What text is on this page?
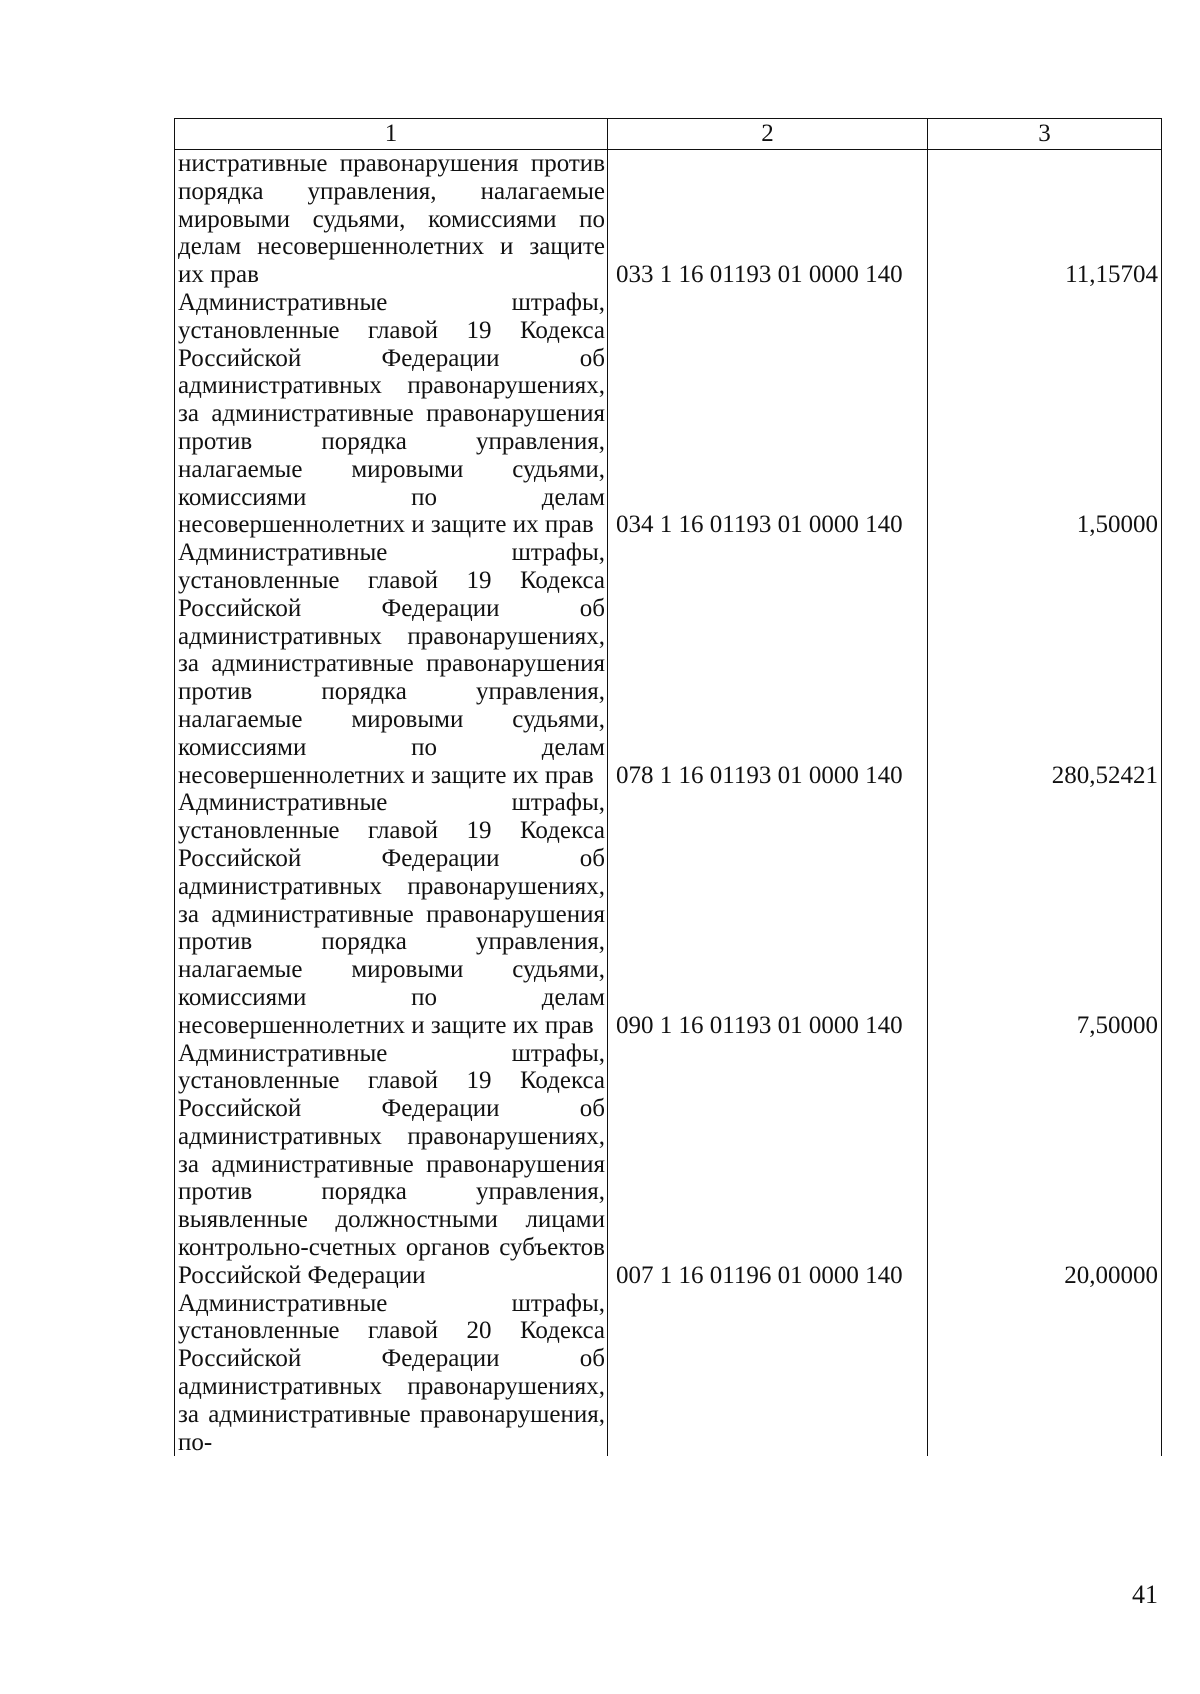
1	2	3

нистративные правонарушения против порядка управления, налагаемые мировыми судьями, комиссиями по делам несовершеннолетних и защите их прав	033 1 16 01193 01 0000 140	11,15704

Административные штрафы, установленные главой 19 Кодекса Российской Федерации об административных правонарушениях, за административные правонарушения против порядка управления, налагаемые мировыми судьями, комиссиями по делам несовершеннолетних и защите их прав	034 1 16 01193 01 0000 140	1,50000

Административные штрафы, установленные главой 19 Кодекса Российской Федерации об административных правонарушениях, за административные правонарушения против порядка управления, налагаемые мировыми судьями, комиссиями по делам несовершеннолетних и защите их прав	078 1 16 01193 01 0000 140	280,52421

Административные штрафы, установленные главой 19 Кодекса Российской Федерации об административных правонарушениях, за административные правонарушения против порядка управления, налагаемые мировыми судьями, комиссиями по делам несовершеннолетних и защите их прав	090 1 16 01193 01 0000 140	7,50000

Административные штрафы, установленные главой 19 Кодекса Российской Федерации об административных правонарушениях, за административные правонарушения против порядка управления, выявленные должностными лицами контрольно-счетных органов субъектов Российской Федерации	007 1 16 01196 01 0000 140	20,00000

Административные штрафы, установленные главой 20 Кодекса Российской Федерации об административных правонарушениях, за административные правонарушения, по-		

41
